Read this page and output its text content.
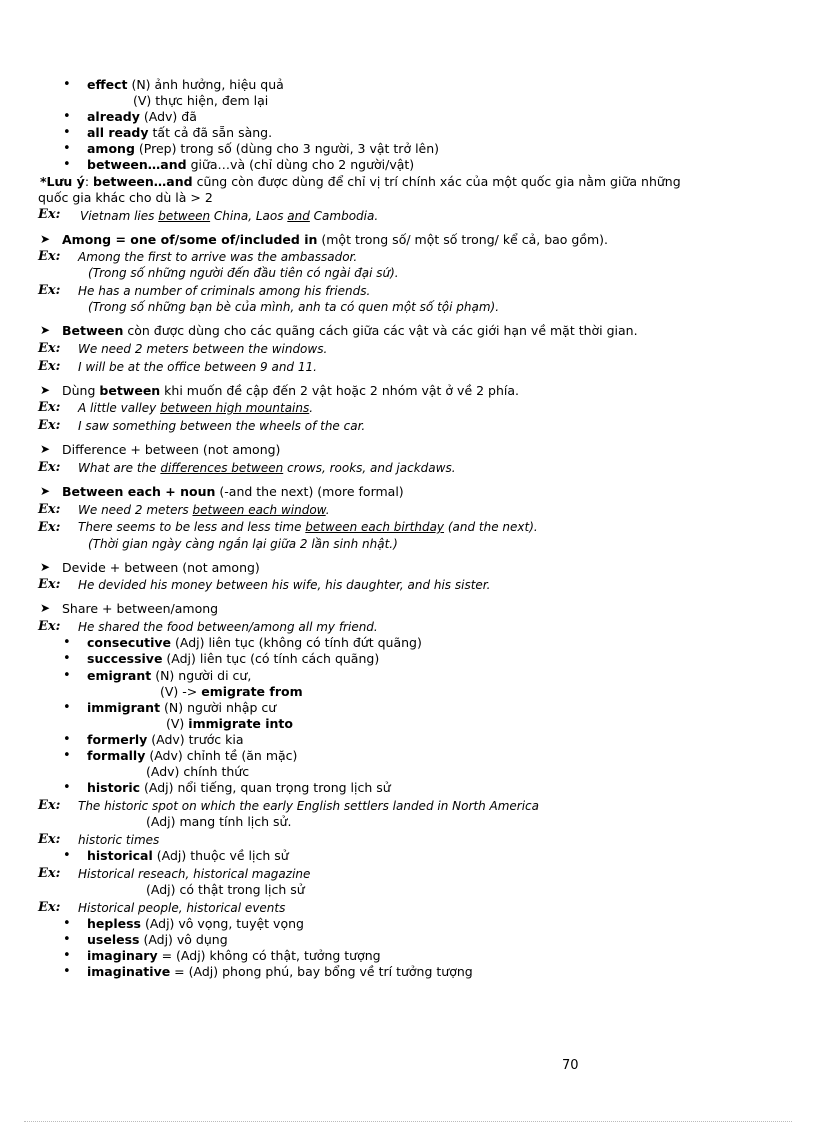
• effect (N) ảnh hưởng, hiệu quả
(V) thực hiện, đem lại
• already (Adv) đã
• all ready tất cả đã sẵn sàng.
• among (Prep) trong số (dùng cho 3 người, 3 vật trở lên)
• between…and giữa…và (chỉ dùng cho 2 người/vật)
*Lưu ý: between…and cũng còn được dùng để chỉ vị trí chính xác của một quốc gia nằm giữa những
quốc gia khác cho dù là > 2
Ex: Vietnam lies between China, Laos and Cambodia.
➤ Among = one of/some of/included in (một trong số/ một số trong/ kể cả, bao gồm).
Ex: Among the first to arrive was the ambassador.
(Trong số những người đến đầu tiên có ngài đại sứ).
Ex: He has a number of criminals among his friends.
(Trong số những bạn bè của mình, anh ta có quen một số tội phạm).
➤ Between còn được dùng cho các quãng cách giữa các vật và các giới hạn về mặt thời gian.
Ex: We need 2 meters between the windows.
Ex: I will be at the office between 9 and 11.
➤ Dùng between khi muốn đề cập đến 2 vật hoặc 2 nhóm vật ở về 2 phía.
Ex: A little valley between high mountains.
Ex: I saw something between the wheels of the car.
➤ Difference + between (not among)
Ex: What are the differences between crows, rooks, and jackdaws.
➤ Between each + noun (-and the next) (more formal)
Ex: We need 2 meters between each window.
Ex: There seems to be less and less time between each birthday (and the next).
(Thời gian ngày càng ngắn lại giữa 2 lần sinh nhật.)
➤ Devide + between (not among)
Ex: He devided his money between his wife, his daughter, and his sister.
➤ Share + between/among
Ex: He shared the food between/among all my friend.
• consecutive (Adj) liên tục (không có tính đứt quãng)
• successive (Adj) liên tục (có tính cách quãng)
• emigrant (N) người di cư,
(V) -> emigrate from
• immigrant (N) người nhập cư
(V) immigrate into
• formerly (Adv) trước kia
• formally (Adv) chỉnh tề (ăn mặc)
(Adv) chính thức
• historic (Adj) nổi tiếng, quan trọng trong lịch sử
Ex: The historic spot on which the early English settlers landed in North America
(Adj) mang tính lịch sử.
Ex: historic times
• historical (Adj) thuộc về lịch sử
Ex: Historical reseach, historical magazine
(Adj) có thật trong lịch sử
Ex: Historical people, historical events
• hepless (Adj) vô vọng, tuyệt vọng
• useless (Adj) vô dụng
• imaginary = (Adj) không có thật, tưởng tượng
• imaginative = (Adj) phong phú, bay bổng về trí tưởng tượng
70
